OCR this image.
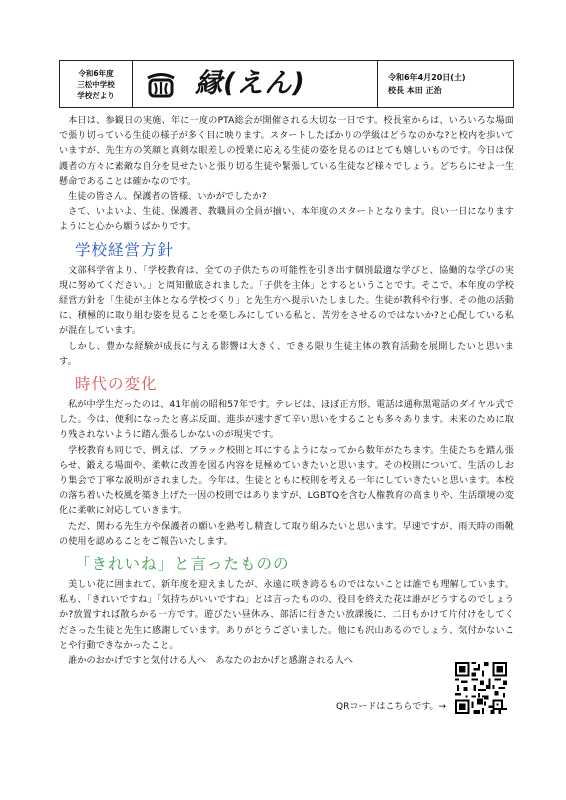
令和6年度
三松中学校
学校だより	縁(えん)	令和6年4月20日(土)
校長 本田 正治

本日は、参観日の実施、年に一度のPTA総会が開催される大切な一日です。校長室からは、いろいろな場面で張り切っている生徒の様子が多く目に映ります。スタートしたばかりの学級はどうなのかな?と校内を歩いていますが、先生方の笑顔と真剣な眼差しの授業に応える生徒の姿を見るのはとても嬉しいものです。今日は保護者の方々に素敵な自分を見せたいと張り切る生徒や緊張している生徒など様々でしょう。どちらにせよ一生懸命であることは確かなのです。

生徒の皆さん、保護者の皆様、いかがでしたか?

さて、いよいよ、生徒、保護者、教職員の全員が揃い、本年度のスタートとなります。良い一日になりますようにと心から願うばかりです。

学校経営方針

文部科学省より、「学校教育は、全ての子供たちの可能性を引き出す個別最適な学びと、協働的な学びの実現に努めてください。」と周知徹底されました。「子供を主体」とするということです。そこで、本年度の学校経営方針を「生徒が主体となる学校づくり」と先生方へ提示いたしました。生徒が教科や行事、その他の活動に、積極的に取り組む姿を見ることを楽しみにしている私と、苦労をさせるのではないか?と心配している私が混在しています。

しかし、豊かな経験が成長に与える影響は大きく、できる限り生徒主体の教育活動を展開したいと思います。

時代の変化

私が中学生だったのは、41年前の昭和57年です。テレビは、ほぼ正方形、電話は通称黒電話のダイヤル式でした。今は、便利になったと喜ぶ反面、進歩が速すぎて辛い思いをすることも多々あります。未来のために取り残されないように踏ん張るしかないのが現実です。

学校教育も同じで、例えば、ブラック校則と耳にするようになってから数年がたちます。生徒たちを踏ん張らせ、鍛える場面や、柔軟に改善を図る内容を見極めていきたいと思います。その校則について、生活のしおり集会で丁寧な説明がされました。今年は、生徒とともに校則を考える一年にしていきたいと思います。本校の落ち着いた校風を築き上げた一因の校則ではありますが、LGBTQを含む人権教育の高まりや、生活環境の変化に柔軟に対応していきます。

ただ、関わる先生方や保護者の願いを熟考し精査して取り組みたいと思います。早速ですが、雨天時の雨靴の使用を認めることをご報告いたします。

「きれいね」と言ったものの

美しい花に囲まれて、新年度を迎えましたが、永遠に咲き誇るものではないことは誰でも理解しています。私も、「きれいですね」「気持ちがいいですね」とは言ったものの、役目を終えた花は誰がどうするのでしょうか?放置すれば散らかる一方です。遊びたい昼休み、部活に行きたい放課後に、二日もかけて片付けをしてくださった生徒と先生に感謝しています。ありがとうございました。他にも沢山あるのでしょう、気付かないことや行動できなかったこと。

誰かのおかげですと気付ける人へ　あなたのおかげと感謝される人へ

QRコードはこちらです。→
